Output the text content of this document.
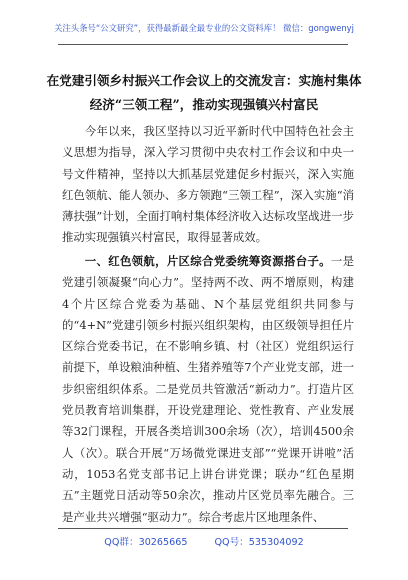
关注头条号“公文研究”，获得最新最全最专业的公文资料库！ 微信：gongwenyj
在党建引领乡村振兴工作会议上的交流发言：实施村集体
经济“三领工程”，推动实现强镇兴村富民

今年以来，我区坚持以习近平新时代中国特色社会主义思想为指导，深入学习贯彻中央农村工作会议和中央一号文件精神，坚持以大抓基层党建促乡村振兴，深入实施红色领航、能人领办、多方领跑“三领工程”，深入实施“消薄扶强”计划，全面打响村集体经济收入达标攻坚战进一步推动实现强镇兴村富民，取得显著成效。

一、红色领航，片区综合党委统筹资源搭台子。一是党建引领凝聚“向心力”。坚持两不改、两不增原则，构建4个片区综合党委为基础、N个基层党组织共同参与的“4+N”党建引领乡村振兴组织架构，由区级领导担任片区综合党委书记，在不影响乡镇、村（社区）党组织运行前提下，单设粮油种植、生猪养殖等7个产业党支部，进一步织密组织体系。二是党员共管激活“新动力”。打造片区党员教育培训集群，开设党建理论、党性教育、产业发展等32门课程，开展各类培训300余场（次），培训4500余人（次）。联合开展“万场微党课进支部”“党课开讲啦”活动，1053名党支部书记上讲台讲党课；联办“红色星期五”主题党日活动等50余次，推动片区党员率先融合。三是产业共兴增强“驱动力”。综合考虑片区地理条件、

QQ群：30265665 QQ号：535304092
